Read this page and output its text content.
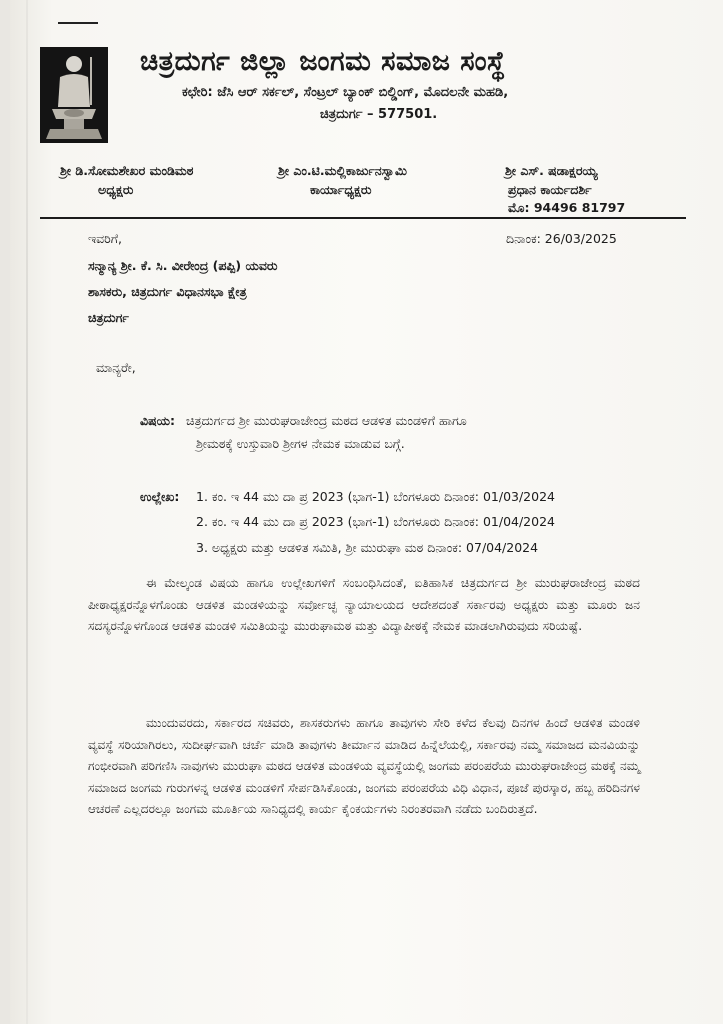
ಚಿತ್ರದುರ್ಗ ಜಿಲ್ಲಾ ಜಂಗಮ ಸಮಾಜ ಸಂಸ್ಥೆ
ಕಛೇರಿ: ಜೆಸಿ ಆರ್ ಸರ್ಕಲ್, ಸೆಂಟ್ರಲ್ ಬ್ಯಾಂಕ್ ಬಿಲ್ಡಿಂಗ್, ಮೊದಲನೇ ಮಹಡಿ,
ಚಿತ್ರದುರ್ಗ – 577501.
ಶ್ರೀ ಡಿ.ಸೋಮಶೇಖರ ಮಂಡಿಮಠ
ಅಧ್ಯಕ್ಷರು
ಶ್ರೀ ಎಂ.ಟಿ.ಮಲ್ಲಿಕಾರ್ಜುನಸ್ವಾಮಿ
ಕಾರ್ಯಾಧ್ಯಕ್ಷರು
ಶ್ರೀ ಎಸ್. ಷಡಾಕ್ಷರಯ್ಯ
ಪ್ರಧಾನ ಕಾರ್ಯದರ್ಶಿ
ಮೊ: 94496 81797
ಇವರಿಗೆ,	ದಿನಾಂಕ: 26/03/2025
ಸನ್ಮಾನ್ಯ ಶ್ರೀ. ಕೆ. ಸಿ. ವೀರೇಂದ್ರ (ಪಪ್ಪಿ) ಯವರು
ಶಾಸಕರು, ಚಿತ್ರದುರ್ಗ ವಿಧಾನಸಭಾ ಕ್ಷೇತ್ರ
ಚಿತ್ರದುರ್ಗ
ಮಾನ್ಯರೇ,
ವಿಷಯ: ಚಿತ್ರದುರ್ಗದ ಶ್ರೀ ಮುರುಘರಾಜೇಂದ್ರ ಮಠದ ಆಡಳಿತ ಮಂಡಳಿಗೆ ಹಾಗೂ
ಶ್ರೀಮಠಕ್ಕೆ ಉಸ್ತುವಾರಿ ಶ್ರೀಗಳ ನೇಮಕ ಮಾಡುವ ಬಗ್ಗೆ.
ಉಲ್ಲೇಖ: 1. ಕಂ. ಇ 44 ಮು ದಾ ಪ್ರ 2023 (ಭಾಗ-1) ಬೆಂಗಳೂರು ದಿನಾಂಕ: 01/03/2024
2. ಕಂ. ಇ 44 ಮು ದಾ ಪ್ರ 2023 (ಭಾಗ-1) ಬೆಂಗಳೂರು ದಿನಾಂಕ: 01/04/2024
3. ಅಧ್ಯಕ್ಷರು ಮತ್ತು ಆಡಳಿತ ಸಮಿತಿ, ಶ್ರೀ ಮುರುಘಾ ಮಠ ದಿನಾಂಕ: 07/04/2024

ಈ ಮೇಲ್ಕಂಡ ವಿಷಯ ಹಾಗೂ ಉಲ್ಲೇಖಗಳಿಗೆ ಸಂಬಂಧಿಸಿದಂತೆ, ಐತಿಹಾಸಿಕ ಚಿತ್ರದುರ್ಗದ ಶ್ರೀ ಮುರುಘರಾಜೇಂದ್ರ ಮಠದ ಪೀಠಾಧ್ಯಕ್ಷರನ್ನೊಳಗೊಂಡು ಆಡಳಿತ ಮಂಡಳಿಯನ್ನು ಸರ್ವೋಚ್ಛ ನ್ಯಾಯಾಲಯದ ಆದೇಶದಂತೆ ಸರ್ಕಾರವು ಅಧ್ಯಕ್ಷರು ಮತ್ತು ಮೂರು ಜನ ಸದಸ್ಯರನ್ನೊಳಗೊಂಡ ಆಡಳಿತ ಮಂಡಳಿ ಸಮಿತಿಯನ್ನು ಮುರುಘಾಮಠ ಮತ್ತು ವಿದ್ಯಾಪೀಠಕ್ಕೆ ನೇಮಕ ಮಾಡಲಾಗಿರುವುದು ಸರಿಯಷ್ಟೆ.

ಮುಂದುವರದು, ಸರ್ಕಾರದ ಸಚಿವರು, ಶಾಸಕರುಗಳು ಹಾಗೂ ತಾವುಗಳು ಸೇರಿ ಕಳೆದ ಕೆಲವು ದಿನಗಳ ಹಿಂದೆ ಆಡಳಿತ ಮಂಡಳಿ ವ್ಯವಸ್ಥೆ ಸರಿಯಾಗಿರಲು, ಸುದೀರ್ಘವಾಗಿ ಚರ್ಚೆ ಮಾಡಿ ತಾವುಗಳು ತೀರ್ಮಾನ ಮಾಡಿದ ಹಿನ್ನೆಲೆಯಲ್ಲಿ, ಸರ್ಕಾರವು ನಮ್ಮ ಸಮಾಜದ ಮನವಿಯನ್ನು ಗಂಭೀರವಾಗಿ ಪರಿಗಣಿಸಿ ನಾವುಗಳು ಮುರುಘಾ ಮಠದ ಆಡಳಿತ ಮಂಡಳಿಯ ವ್ಯವಸ್ಥೆಯಲ್ಲಿ ಜಂಗಮ ಪರಂಪರೆಯ ಮುರುಘರಾಜೇಂದ್ರ ಮಠಕ್ಕೆ ನಮ್ಮ ಸಮಾಜದ ಜಂಗಮ ಗುರುಗಳನ್ನ ಆಡಳಿತ ಮಂಡಳಿಗೆ ಸೇರ್ಪಡಿಸಿಕೊಂಡು, ಜಂಗಮ ಪರಂಪರೆಯ ವಿಧಿ ವಿಧಾನ, ಪೂಜೆ ಪುರಸ್ಕಾರ, ಹಬ್ಬ ಹರಿದಿನಗಳ ಆಚರಣೆ ಎಲ್ಲದರಲ್ಲೂ ಜಂಗಮ ಮೂರ್ತಿಯ ಸಾನಿಧ್ಯದಲ್ಲಿ ಕಾರ್ಯ ಕೈಂಕರ್ಯಗಳು ನಿರಂತರವಾಗಿ ನಡೆದು ಬಂದಿರುತ್ತದೆ.
